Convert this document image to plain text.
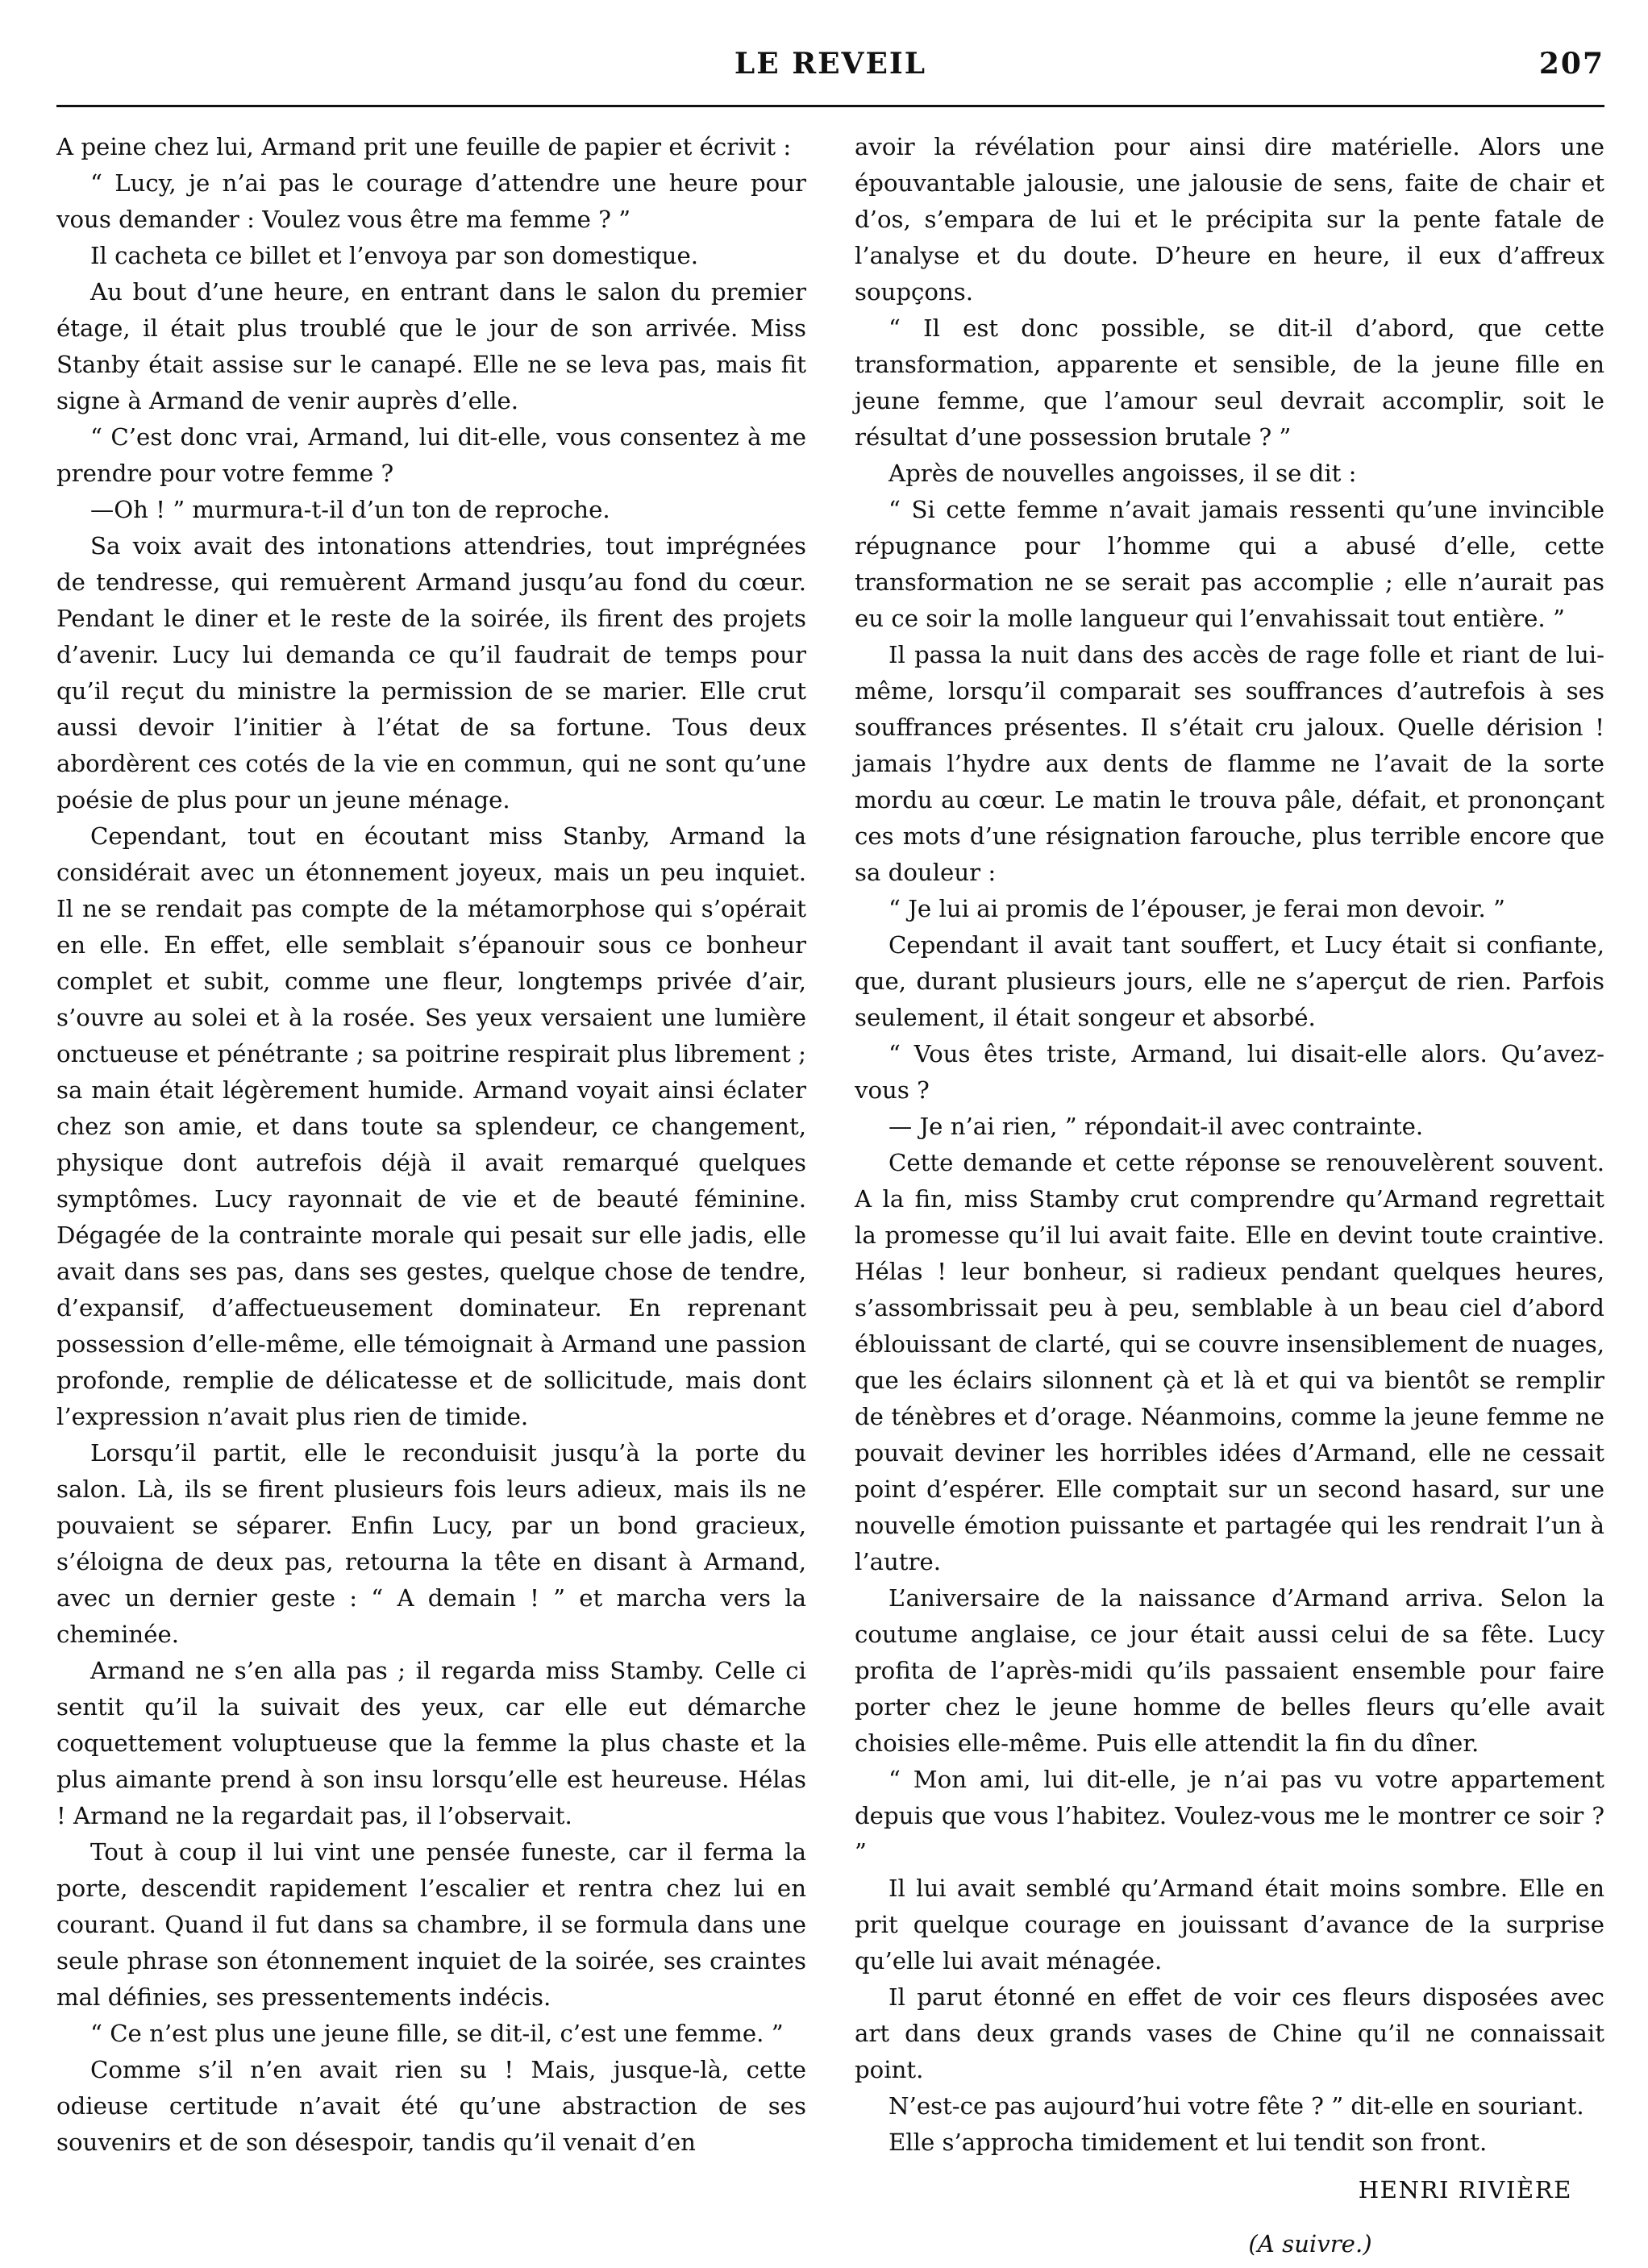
LE REVEIL	207

A peine chez lui, Armand prit une feuille de papier et écrivit :

“ Lucy, je n’ai pas le courage d’attendre une heure pour vous demander : Voulez vous être ma femme ? ”

Il cacheta ce billet et l’envoya par son domestique.

Au bout d’une heure, en entrant dans le salon du premier étage, il était plus troublé que le jour de son arrivée. Miss Stanby était assise sur le canapé. Elle ne se leva pas, mais fit signe à Armand de venir auprès d’elle.

“ C’est donc vrai, Armand, lui dit-elle, vous consentez à me prendre pour votre femme ?

—Oh ! ” murmura-t-il d’un ton de reproche.

Sa voix avait des intonations attendries, tout imprégnées de tendresse, qui remuèrent Armand jusqu’au fond du cœur. Pendant le diner et le reste de la soirée, ils firent des projets d’avenir. Lucy lui demanda ce qu’il faudrait de temps pour qu’il reçut du ministre la permission de se marier. Elle crut aussi devoir l’initier à l’état de sa fortune. Tous deux abordèrent ces cotés de la vie en commun, qui ne sont qu’une poésie de plus pour un jeune ménage.

Cependant, tout en écoutant miss Stanby, Armand la considérait avec un étonnement joyeux, mais un peu inquiet. Il ne se rendait pas compte de la métamorphose qui s’opérait en elle. En effet, elle semblait s’épanouir sous ce bonheur complet et subit, comme une fleur, longtemps privée d’air, s’ouvre au solei et à la rosée. Ses yeux versaient une lumière onctueuse et pénétrante ; sa poitrine respirait plus librement ; sa main était légèrement humide. Armand voyait ainsi éclater chez son amie, et dans toute sa splendeur, ce changement, physique dont autrefois déjà il avait remarqué quelques symptômes. Lucy rayonnait de vie et de beauté féminine. Dégagée de la contrainte morale qui pesait sur elle jadis, elle avait dans ses pas, dans ses gestes, quelque chose de tendre, d’expansif, d’affectueusement dominateur. En reprenant possession d’elle-même, elle témoignait à Armand une passion profonde, remplie de délicatesse et de sollicitude, mais dont l’expression n’avait plus rien de timide.

Lorsqu’il partit, elle le reconduisit jusqu’à la porte du salon. Là, ils se firent plusieurs fois leurs adieux, mais ils ne pouvaient se séparer. Enfin Lucy, par un bond gracieux, s’éloigna de deux pas, retourna la tête en disant à Armand, avec un dernier geste : “ A demain ! ” et marcha vers la cheminée.

Armand ne s’en alla pas ; il regarda miss Stamby. Celle ci sentit qu’il la suivait des yeux, car elle eut démarche coquettement voluptueuse que la femme la plus chaste et la plus aimante prend à son insu lorsqu’elle est heureuse. Hélas ! Armand ne la regardait pas, il l’observait.

Tout à coup il lui vint une pensée funeste, car il ferma la porte, descendit rapidement l’escalier et rentra chez lui en courant. Quand il fut dans sa chambre, il se formula dans une seule phrase son étonnement inquiet de la soirée, ses craintes mal définies, ses pressentements indécis.

“ Ce n’est plus une jeune fille, se dit-il, c’est une femme. ”

Comme s’il n’en avait rien su ! Mais, jusque-là, cette odieuse certitude n’avait été qu’une abstraction de ses souvenirs et de son désespoir, tandis qu’il venait d’en

avoir la révélation pour ainsi dire matérielle. Alors une épouvantable jalousie, une jalousie de sens, faite de chair et d’os, s’empara de lui et le précipita sur la pente fatale de l’analyse et du doute. D’heure en heure, il eux d’affreux soupçons.

“ Il est donc possible, se dit-il d’abord, que cette transformation, apparente et sensible, de la jeune fille en jeune femme, que l’amour seul devrait accomplir, soit le résultat d’une possession brutale ? ”

Après de nouvelles angoisses, il se dit :

“ Si cette femme n’avait jamais ressenti qu’une invincible répugnance pour l’homme qui a abusé d’elle, cette transformation ne se serait pas accomplie ; elle n’aurait pas eu ce soir la molle langueur qui l’envahissait tout entière. ”

Il passa la nuit dans des accès de rage folle et riant de lui-même, lorsqu’il comparait ses souffrances d’autrefois à ses souffrances présentes. Il s’était cru jaloux. Quelle dérision ! jamais l’hydre aux dents de flamme ne l’avait de la sorte mordu au cœur. Le matin le trouva pâle, défait, et prononçant ces mots d’une résignation farouche, plus terrible encore que sa douleur :

“ Je lui ai promis de l’épouser, je ferai mon devoir. ”

Cependant il avait tant souffert, et Lucy était si confiante, que, durant plusieurs jours, elle ne s’aperçut de rien. Parfois seulement, il était songeur et absorbé.

“ Vous êtes triste, Armand, lui disait-elle alors. Qu’avez-vous ?

— Je n’ai rien, ” répondait-il avec contrainte.

Cette demande et cette réponse se renouvelèrent souvent. A la fin, miss Stamby crut comprendre qu’Armand regrettait la promesse qu’il lui avait faite. Elle en devint toute craintive. Hélas ! leur bonheur, si radieux pendant quelques heures, s’assombrissait peu à peu, semblable à un beau ciel d’abord éblouissant de clarté, qui se couvre insensiblement de nuages, que les éclairs silonnent çà et là et qui va bientôt se remplir de ténèbres et d’orage. Néanmoins, comme la jeune femme ne pouvait deviner les horribles idées d’Armand, elle ne cessait point d’espérer. Elle comptait sur un second hasard, sur une nouvelle émotion puissante et partagée qui les rendrait l’un à l’autre.

L’aniversaire de la naissance d’Armand arriva. Selon la coutume anglaise, ce jour était aussi celui de sa fête. Lucy profita de l’après-midi qu’ils passaient ensemble pour faire porter chez le jeune homme de belles fleurs qu’elle avait choisies elle-même. Puis elle attendit la fin du dîner.

“ Mon ami, lui dit-elle, je n’ai pas vu votre appartement depuis que vous l’habitez. Voulez-vous me le montrer ce soir ? ”

Il lui avait semblé qu’Armand était moins sombre. Elle en prit quelque courage en jouissant d’avance de la surprise qu’elle lui avait ménagée.

Il parut étonné en effet de voir ces fleurs disposées avec art dans deux grands vases de Chine qu’il ne connaissait point.

N’est-ce pas aujourd’hui votre fête ? ” dit-elle en souriant.

Elle s’approcha timidement et lui tendit son front.

HENRI RIVIÈRE

(A suivre.)
